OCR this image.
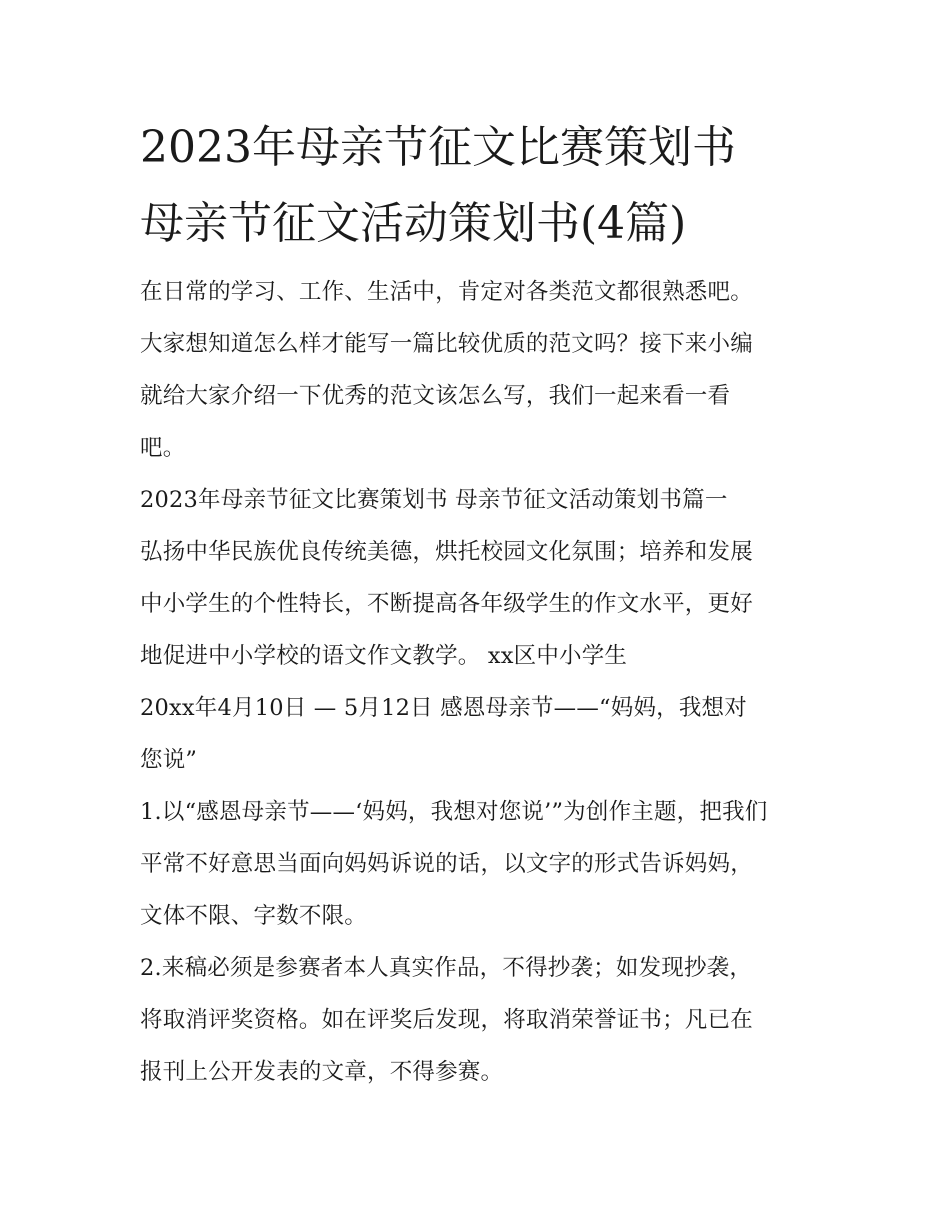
2023年母亲节征文比赛策划书
母亲节征文活动策划书(4篇)

在日常的学习、工作、生活中，肯定对各类范文都很熟悉吧。
大家想知道怎么样才能写一篇比较优质的范文吗？接下来小编
就给大家介绍一下优秀的范文该怎么写，我们一起来看一看
吧。

2023年母亲节征文比赛策划书 母亲节征文活动策划书篇一

弘扬中华民族优良传统美德，烘托校园文化氛围；培养和发展
中小学生的个性特长，不断提高各年级学生的作文水平，更好
地促进中小学校的语文作文教学。 xx区中小学生

20xx年4月10日 — 5月12日 感恩母亲节——“妈妈，我想对
您说”

1.以“感恩母亲节——‘妈妈，我想对您说’”为创作主题，把我们
平常不好意思当面向妈妈诉说的话，以文字的形式告诉妈妈，
文体不限、字数不限。

2.来稿必须是参赛者本人真实作品，不得抄袭；如发现抄袭，
将取消评奖资格。如在评奖后发现，将取消荣誉证书；凡已在
报刊上公开发表的文章，不得参赛。
